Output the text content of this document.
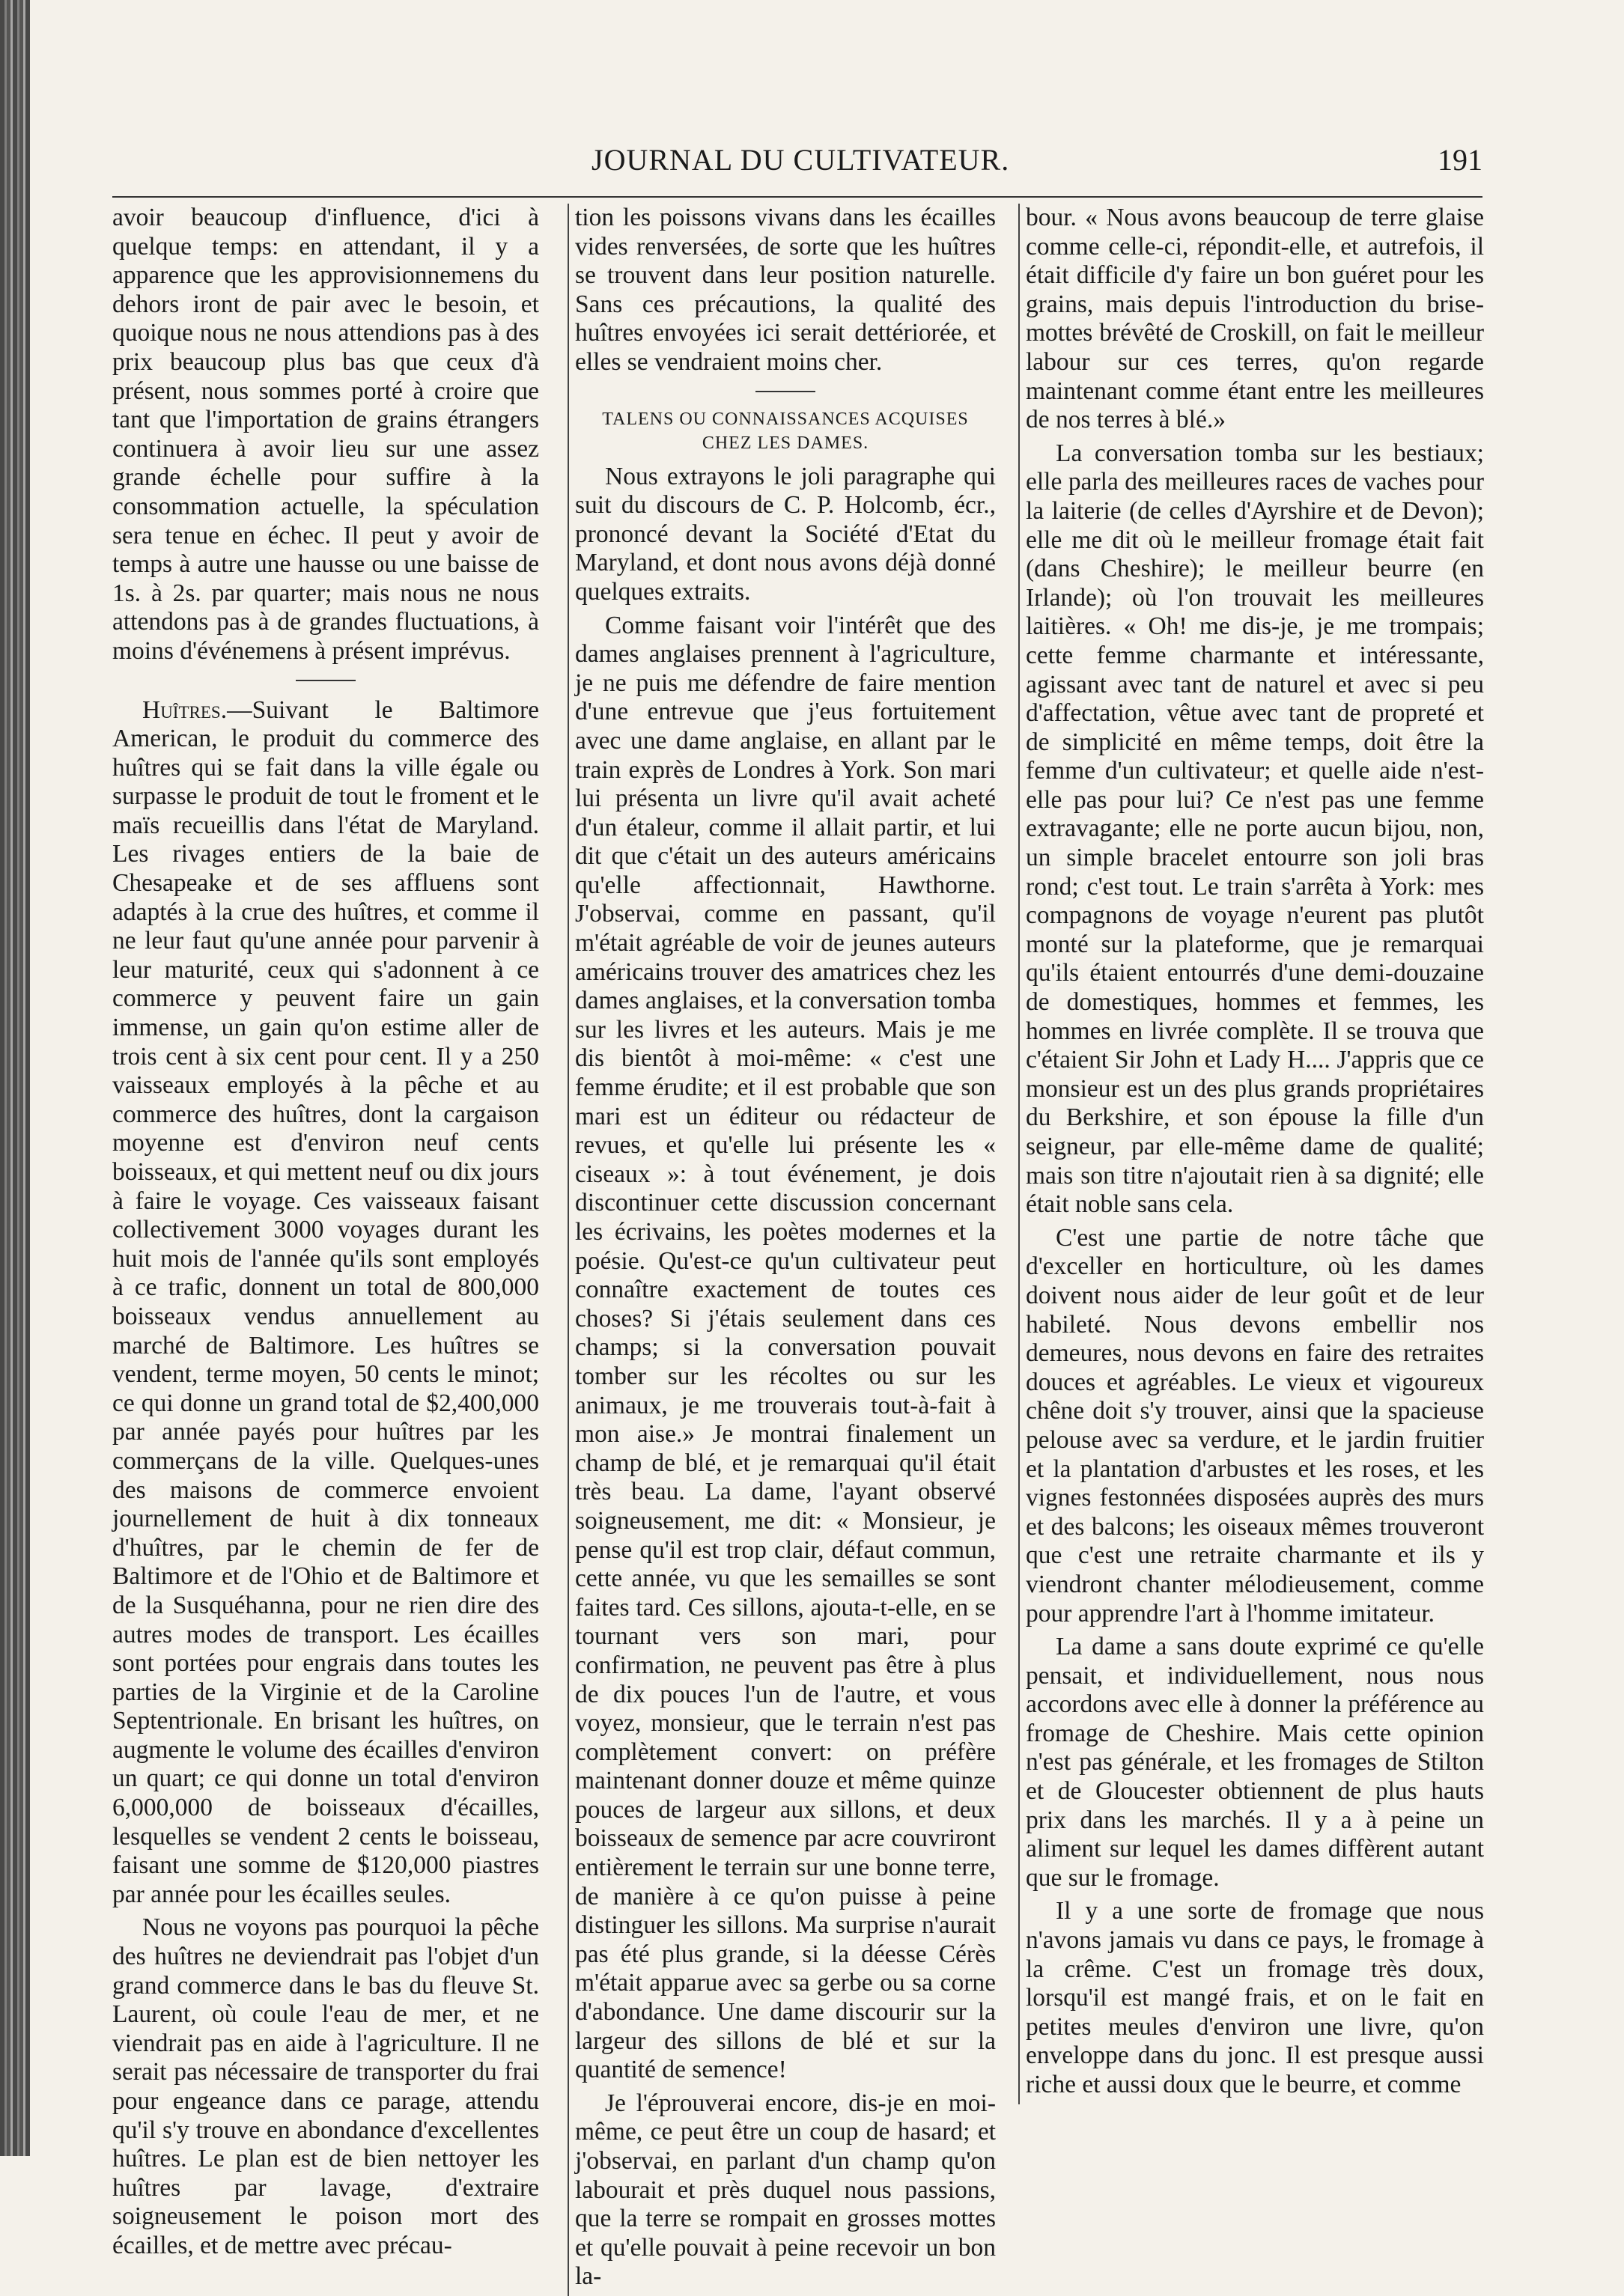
JOURNAL DU CULTIVATEUR.	191

avoir beaucoup d'influence, d'ici à quelque temps: en attendant, il y a apparence que les approvisionnemens du dehors iront de pair avec le besoin, et quoique nous ne nous attendions pas à des prix beaucoup plus bas que ceux d'à présent, nous sommes porté à croire que tant que l'importation de grains étrangers continuera à avoir lieu sur une assez grande échelle pour suffire à la consommation actuelle, la spéculation sera tenue en échec. Il peut y avoir de temps à autre une hausse ou une baisse de 1s. à 2s. par quarter; mais nous ne nous attendons pas à de grandes fluctuations, à moins d'événemens à présent imprévus.

Huîtres.—Suivant le Baltimore American, le produit du commerce des huîtres qui se fait dans la ville égale ou surpasse le produit de tout le froment et le maïs recueillis dans l'état de Maryland. Les rivages entiers de la baie de Chesapeake et de ses affluens sont adaptés à la crue des huîtres, et comme il ne leur faut qu'une année pour parvenir à leur maturité, ceux qui s'adonnent à ce commerce y peuvent faire un gain immense, un gain qu'on estime aller de trois cent à six cent pour cent. Il y a 250 vaisseaux employés à la pêche et au commerce des huîtres, dont la cargaison moyenne est d'environ neuf cents boisseaux, et qui mettent neuf ou dix jours à faire le voyage. Ces vaisseaux faisant collectivement 3000 voyages durant les huit mois de l'année qu'ils sont employés à ce trafic, donnent un total de 800,000 boisseaux vendus annuellement au marché de Baltimore. Les huîtres se vendent, terme moyen, 50 cents le minot; ce qui donne un grand total de $2,400,000 par année payés pour huîtres par les commerçans de la ville. Quelques-unes des maisons de commerce envoient journellement de huit à dix tonneaux d'huîtres, par le chemin de fer de Baltimore et de l'Ohio et de Baltimore et de la Susquéhanna, pour ne rien dire des autres modes de transport. Les écailles sont portées pour engrais dans toutes les parties de la Virginie et de la Caroline Septentrionale. En brisant les huîtres, on augmente le volume des écailles d'environ un quart; ce qui donne un total d'environ 6,000,000 de boisseaux d'écailles, lesquelles se vendent 2 cents le boisseau, faisant une somme de $120,000 piastres par année pour les écailles seules.

Nous ne voyons pas pourquoi la pêche des huîtres ne deviendrait pas l'objet d'un grand commerce dans le bas du fleuve St. Laurent, où coule l'eau de mer, et ne viendrait pas en aide à l'agriculture. Il ne serait pas nécessaire de transporter du frai pour engeance dans ce parage, attendu qu'il s'y trouve en abondance d'excellentes huîtres. Le plan est de bien nettoyer les huîtres par lavage, d'extraire soigneusement le poison mort des écailles, et de mettre avec précau-

tion les poissons vivans dans les écailles vides renversées, de sorte que les huîtres se trouvent dans leur position naturelle. Sans ces précautions, la qualité des huîtres envoyées ici serait dettériorée, et elles se vendraient moins cher.

TALENS OU CONNAISSANCES ACQUISES CHEZ LES DAMES.

Nous extrayons le joli paragraphe qui suit du discours de C. P. Holcomb, écr., prononcé devant la Société d'Etat du Maryland, et dont nous avons déjà donné quelques extraits.

Comme faisant voir l'intérêt que des dames anglaises prennent à l'agriculture, je ne puis me défendre de faire mention d'une entrevue que j'eus fortuitement avec une dame anglaise, en allant par le train exprès de Londres à York. Son mari lui présenta un livre qu'il avait acheté d'un étaleur, comme il allait partir, et lui dit que c'était un des auteurs américains qu'elle affectionnait, Hawthorne. J'observai, comme en passant, qu'il m'était agréable de voir de jeunes auteurs américains trouver des amatrices chez les dames anglaises, et la conversation tomba sur les livres et les auteurs. Mais je me dis bientôt à moi-même: « c'est une femme érudite; et il est probable que son mari est un éditeur ou rédacteur de revues, et qu'elle lui présente les « ciseaux »: à tout événement, je dois discontinuer cette discussion concernant les écrivains, les poètes modernes et la poésie. Qu'est-ce qu'un cultivateur peut connaître exactement de toutes ces choses? Si j'étais seulement dans ces champs; si la conversation pouvait tomber sur les récoltes ou sur les animaux, je me trouverais tout-à-fait à mon aise.» Je montrai finalement un champ de blé, et je remarquai qu'il était très beau. La dame, l'ayant observé soigneusement, me dit: « Monsieur, je pense qu'il est trop clair, défaut commun, cette année, vu que les semailles se sont faites tard. Ces sillons, ajouta-t-elle, en se tournant vers son mari, pour confirmation, ne peuvent pas être à plus de dix pouces l'un de l'autre, et vous voyez, monsieur, que le terrain n'est pas complètement convert: on préfère maintenant donner douze et même quinze pouces de largeur aux sillons, et deux boisseaux de semence par acre couvriront entièrement le terrain sur une bonne terre, de manière à ce qu'on puisse à peine distinguer les sillons. Ma surprise n'aurait pas été plus grande, si la déesse Cérès m'était apparue avec sa gerbe ou sa corne d'abondance. Une dame discourir sur la largeur des sillons de blé et sur la quantité de semence!

Je l'éprouverai encore, dis-je en moi-même, ce peut être un coup de hasard; et j'observai, en parlant d'un champ qu'on labourait et près duquel nous passions, que la terre se rompait en grosses mottes et qu'elle pouvait à peine recevoir un bon la-

bour. « Nous avons beaucoup de terre glaise comme celle-ci, répondit-elle, et autrefois, il était difficile d'y faire un bon guéret pour les grains, mais depuis l'introduction du brise-mottes brévêté de Croskill, on fait le meilleur labour sur ces terres, qu'on regarde maintenant comme étant entre les meilleures de nos terres à blé.»

La conversation tomba sur les bestiaux; elle parla des meilleures races de vaches pour la laiterie (de celles d'Ayrshire et de Devon); elle me dit où le meilleur fromage était fait (dans Cheshire); le meilleur beurre (en Irlande); où l'on trouvait les meilleures laitières. « Oh! me dis-je, je me trompais; cette femme charmante et intéressante, agissant avec tant de naturel et avec si peu d'affectation, vêtue avec tant de propreté et de simplicité en même temps, doit être la femme d'un cultivateur; et quelle aide n'est-elle pas pour lui? Ce n'est pas une femme extravagante; elle ne porte aucun bijou, non, un simple bracelet entourre son joli bras rond; c'est tout. Le train s'arrêta à York: mes compagnons de voyage n'eurent pas plutôt monté sur la plateforme, que je remarquai qu'ils étaient entourrés d'une demi-douzaine de domestiques, hommes et femmes, les hommes en livrée complète. Il se trouva que c'étaient Sir John et Lady H.... J'appris que ce monsieur est un des plus grands propriétaires du Berkshire, et son épouse la fille d'un seigneur, par elle-même dame de qualité; mais son titre n'ajoutait rien à sa dignité; elle était noble sans cela.

C'est une partie de notre tâche que d'exceller en horticulture, où les dames doivent nous aider de leur goût et de leur habileté. Nous devons embellir nos demeures, nous devons en faire des retraites douces et agréables. Le vieux et vigoureux chêne doit s'y trouver, ainsi que la spacieuse pelouse avec sa verdure, et le jardin fruitier et la plantation d'arbustes et les roses, et les vignes festonnées disposées auprès des murs et des balcons; les oiseaux mêmes trouveront que c'est une retraite charmante et ils y viendront chanter mélodieusement, comme pour apprendre l'art à l'homme imitateur.

La dame a sans doute exprimé ce qu'elle pensait, et individuellement, nous nous accordons avec elle à donner la préférence au fromage de Cheshire. Mais cette opinion n'est pas générale, et les fromages de Stilton et de Gloucester obtiennent de plus hauts prix dans les marchés. Il y a à peine un aliment sur lequel les dames diffèrent autant que sur le fromage.

Il y a une sorte de fromage que nous n'avons jamais vu dans ce pays, le fromage à la crême. C'est un fromage très doux, lorsqu'il est mangé frais, et on le fait en petites meules d'environ une livre, qu'on enveloppe dans du jonc. Il est presque aussi riche et aussi doux que le beurre, et comme
